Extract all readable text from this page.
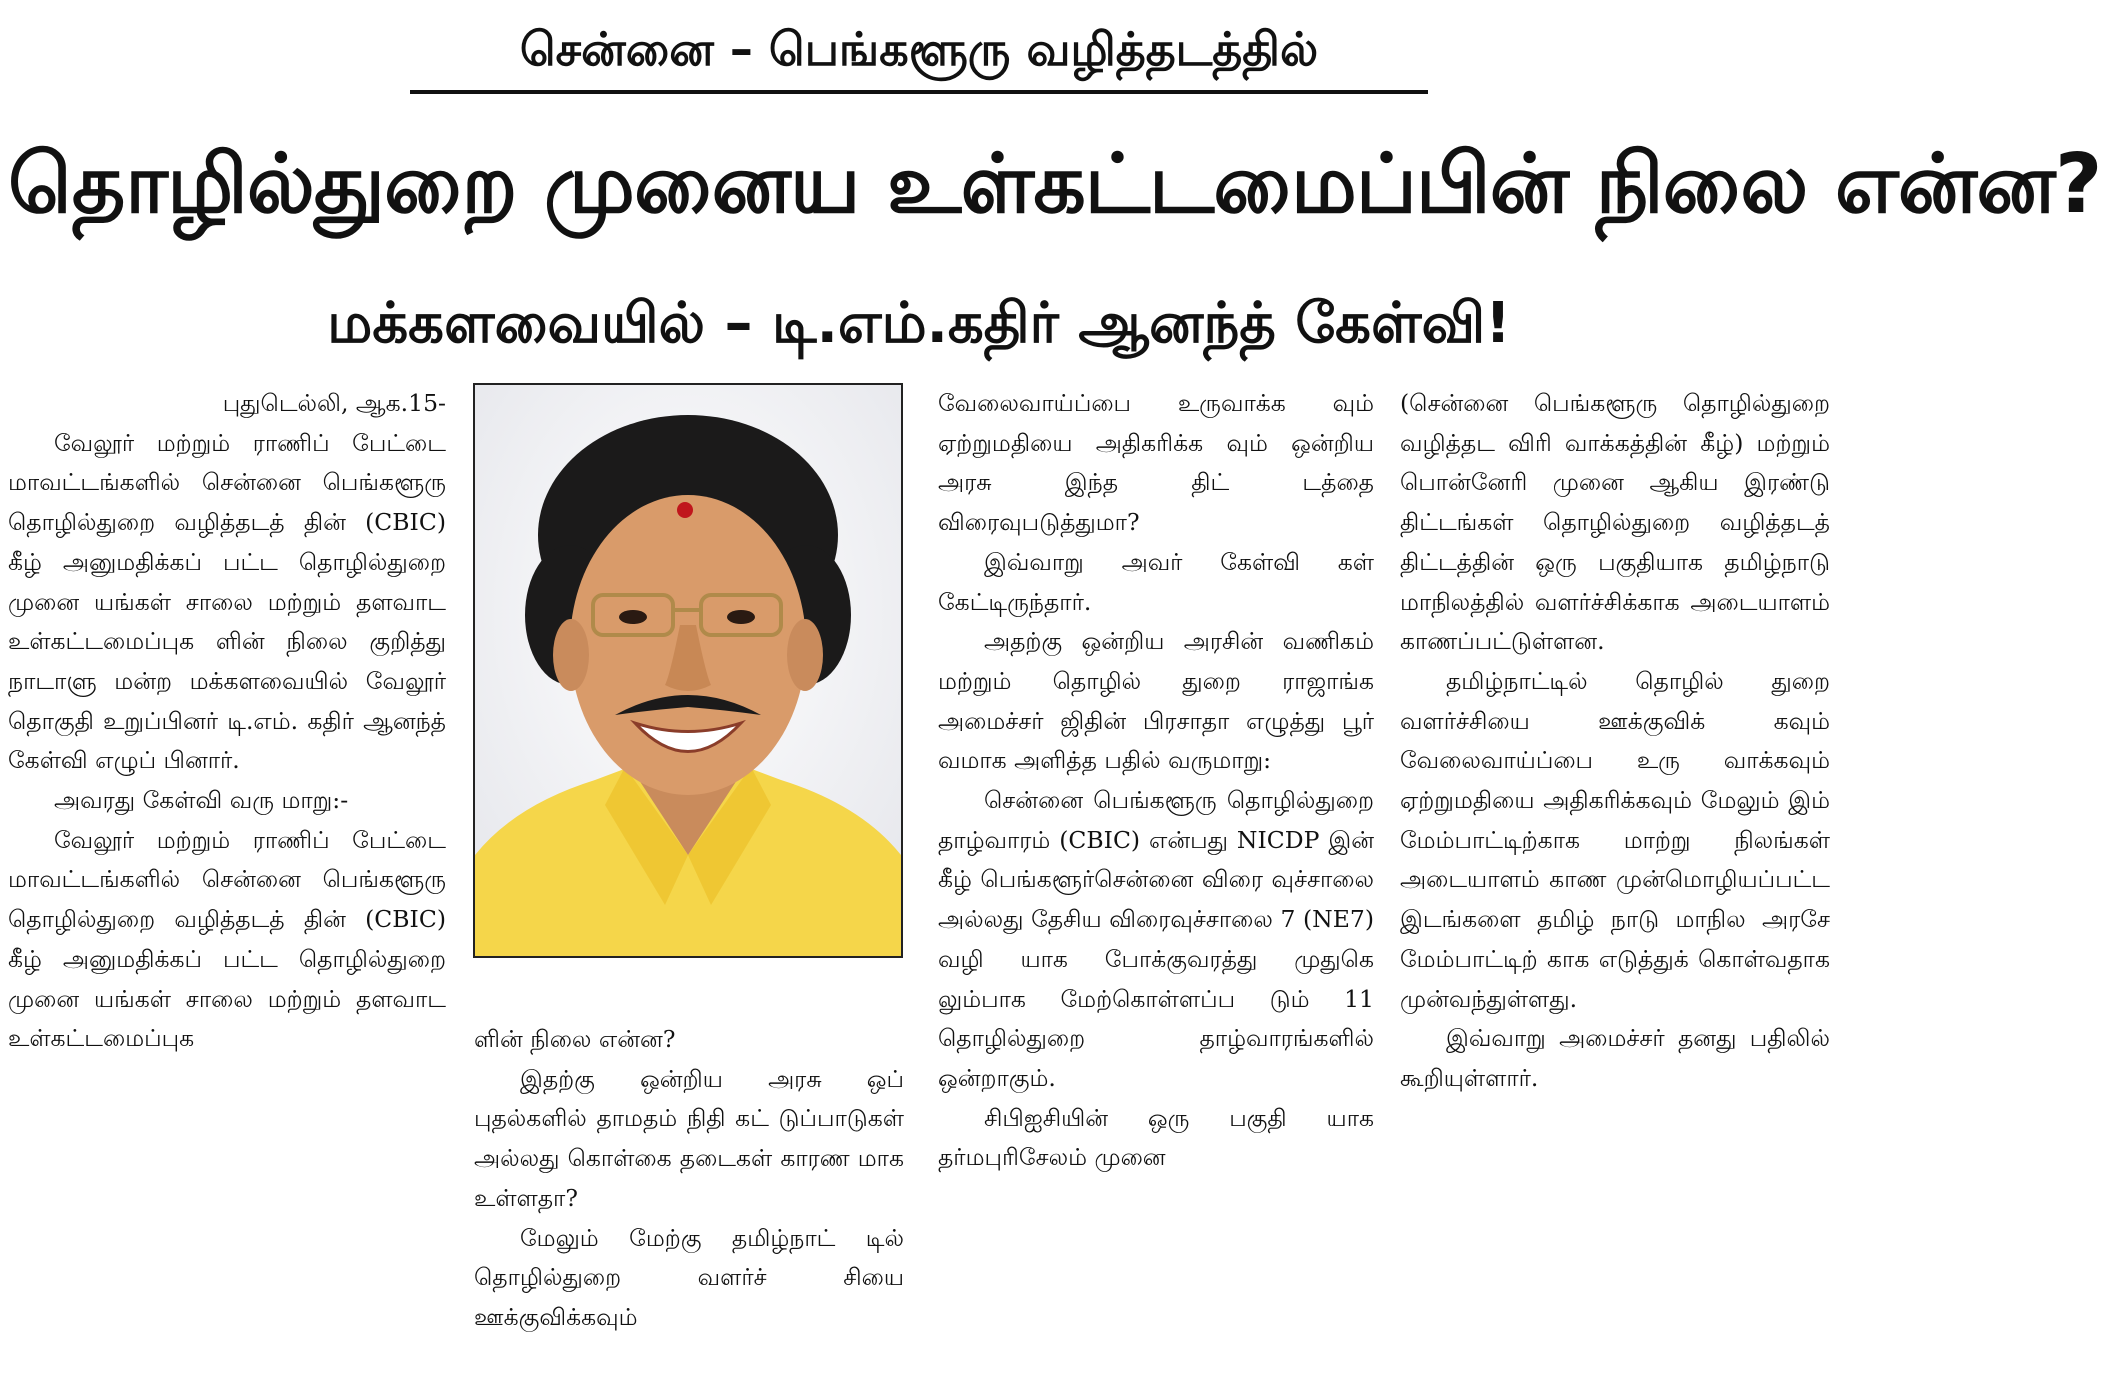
சென்னை – பெங்களூரு வழித்தடத்தில்
தொழில்துறை முனைய உள்கட்டமைப்பின் நிலை என்ன?
மக்களவையில் – டி.எம்.கதிர் ஆனந்த் கேள்வி!

புதுடெல்லி, ஆக.15-

வேலூர் மற்றும் ராணிப் பேட்டை மாவட்டங்களில் சென்னை பெங்களூரு தொழில்துறை வழித்தடத் தின் (CBIC) கீழ் அனுமதிக்கப் பட்ட தொழில்துறை முனை யங்கள் சாலை மற்றும் தளவாட உள்கட்டமைப்புக ளின் நிலை குறித்து நாடாளு மன்ற மக்களவையில் வேலூர் தொகுதி உறுப்பினர் டி.எம். கதிர் ஆனந்த் கேள்வி எழுப் பினார்.

அவரது கேள்வி வரு மாறு:-

வேலூர் மற்றும் ராணிப் பேட்டை மாவட்டங்களில் சென்னை பெங்களூரு தொழில்துறை வழித்தடத் தின் (CBIC) கீழ் அனுமதிக்கப் பட்ட தொழில்துறை முனை யங்கள் சாலை மற்றும் தளவாட உள்கட்டமைப்புக	ளின் நிலை என்ன?

இதற்கு ஒன்றிய அரசு ஒப் புதல்களில் தாமதம் நிதி கட் டுப்பாடுகள் அல்லது கொள்கை தடைகள் காரண மாக உள்ளதா?

மேலும் மேற்கு தமிழ்நாட் டில் தொழில்துறை வளர்ச் சியை ஊக்குவிக்கவும்

வேலைவாய்ப்பை உருவாக்க வும் ஏற்றுமதியை அதிகரிக்க வும் ஒன்றிய அரசு இந்த திட் டத்தை விரைவுபடுத்துமா?

இவ்வாறு அவர் கேள்வி கள் கேட்டிருந்தார்.

அதற்கு ஒன்றிய அரசின் வணிகம் மற்றும் தொழில் துறை ராஜாங்க அமைச்சர் ஜிதின் பிரசாதா எழுத்து பூர் வமாக அளித்த பதில் வருமாறு:

சென்னை பெங்களூரு தொழில்துறை தாழ்வாரம் (CBIC) என்பது NICDP இன் கீழ் பெங்களூர்சென்னை விரை வுச்சாலை அல்லது தேசிய விரைவுச்சாலை 7 (NE7) வழி யாக போக்குவரத்து முதுகெ லும்பாக மேற்கொள்ளப்ப டும் 11 தொழில்துறை தாழ்வாரங்களில் ஒன்றாகும்.

சிபிஐசியின் ஒரு பகுதி யாக தர்மபுரிசேலம் முனை

(சென்னை பெங்களூரு தொழில்துறை வழித்தட விரி வாக்கத்தின் கீழ்) மற்றும் பொன்னேரி முனை ஆகிய இரண்டு திட்டங்கள் தொழில்துறை வழித்தடத் திட்டத்தின் ஒரு பகுதியாக தமிழ்நாடு மாநிலத்தில் வளர்ச்சிக்காக அடையாளம் காணப்பட்டுள்ளன.

தமிழ்நாட்டில் தொழில் துறை வளர்ச்சியை ஊக்குவிக் கவும் வேலைவாய்ப்பை உரு வாக்கவும் ஏற்றுமதியை அதிகரிக்கவும் மேலும் இம் மேம்பாட்டிற்காக மாற்று நிலங்கள் அடையாளம் காண முன்மொழியப்பட்ட இடங்களை தமிழ் நாடு மாநில அரசே மேம்பாட்டிற் காக எடுத்துக் கொள்வதாக முன்வந்துள்ளது.

இவ்வாறு அமைச்சர் தனது பதிலில் கூறியுள்ளார்.
